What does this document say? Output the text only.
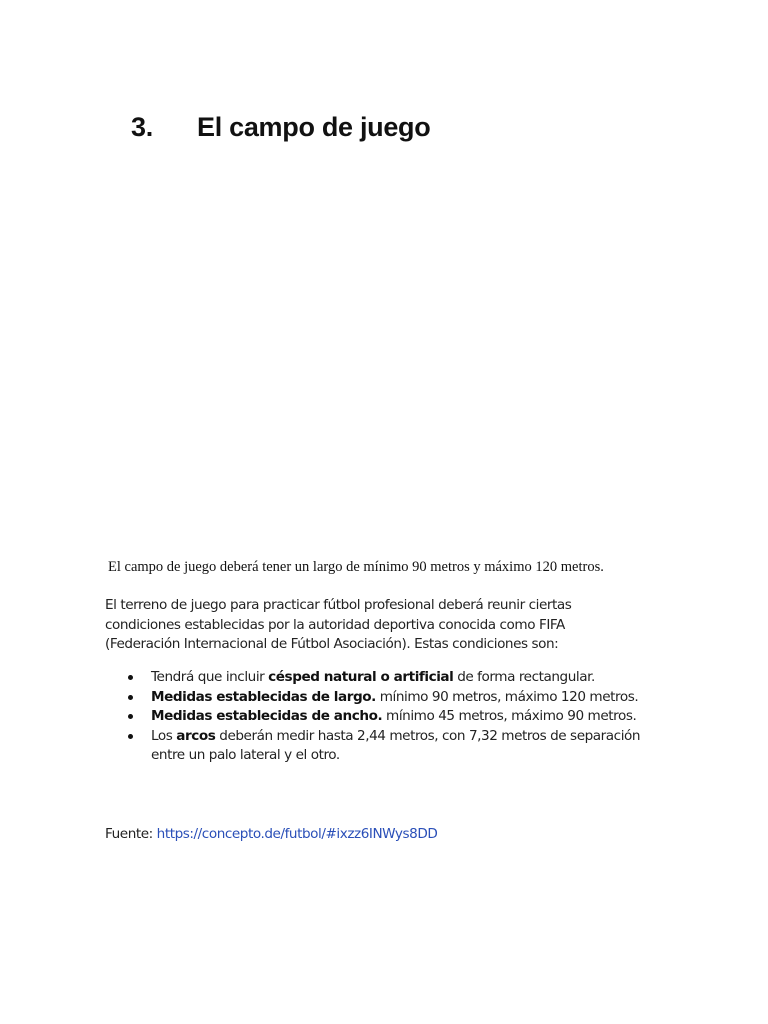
3. El campo de juego

El campo de juego deberá tener un largo de mínimo 90 metros y máximo 120 metros.

El terreno de juego para practicar fútbol profesional deberá reunir ciertas
condiciones establecidas por la autoridad deportiva conocida como FIFA
(Federación Internacional de Fútbol Asociación). Estas condiciones son:

Tendrá que incluir césped natural o artificial de forma rectangular.
Medidas establecidas de largo. mínimo 90 metros, máximo 120 metros.
Medidas establecidas de ancho. mínimo 45 metros, máximo 90 metros.
Los arcos deberán medir hasta 2,44 metros, con 7,32 metros de separación
entre un palo lateral y el otro.

Fuente: https://concepto.de/futbol/#ixzz6INWys8DD
